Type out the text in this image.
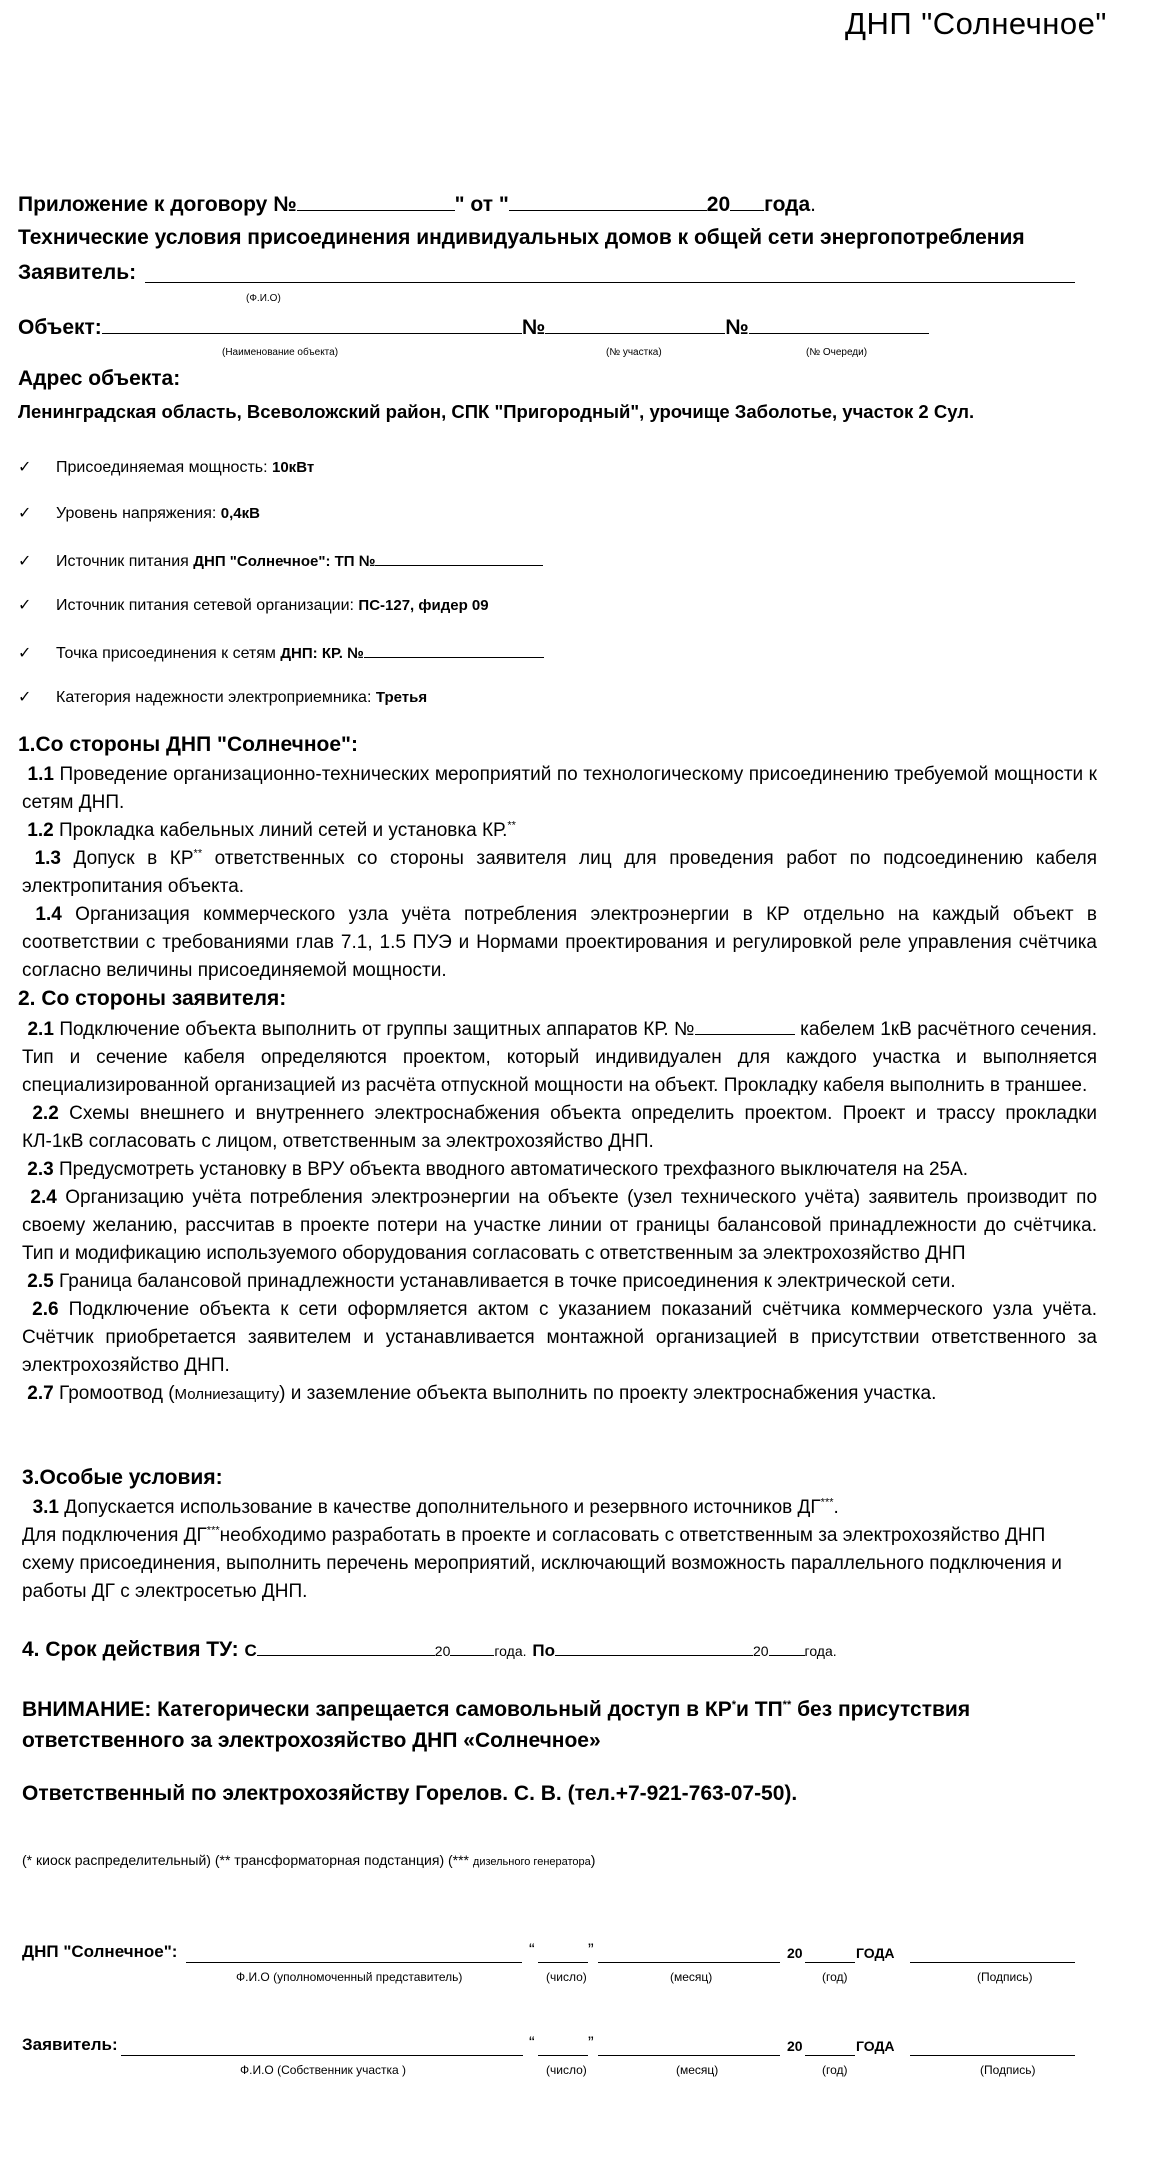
ДНП "Солнечное"
Приложение к договору №	" от "	20 года.
Технические условия присоединения индивидуальных домов к общей сети энергопотребления
Заявитель:
(Ф.И.О)
Объект:	№	№
(Наименование объекта)	(№ участка)	(№ Очереди)
Адрес объекта:
Ленинградская область, Всеволожский район, СПК "Пригородный", урочище Заболотье, участок 2 Сул.
✓ Присоединяемая мощность: 10кВт
✓ Уровень напряжения: 0,4кВ
✓ Источник питания ДНП "Солнечное": ТП №
✓ Источник питания сетевой организации: ПС-127, фидер 09
✓ Точка присоединения к сетям ДНП: КР. №
✓ Категория надежности электроприемника: Третья
1.Со стороны ДНП "Солнечное":
1.1 Проведение организационно-технических мероприятий по технологическому присоединению требуемой мощности к сетям ДНП.
1.2 Прокладка кабельных линий сетей и установка КР.**
1.3 Допуск в КР** ответственных со стороны заявителя лиц для проведения работ по подсоединению кабеля электропитания объекта.
1.4 Организация коммерческого узла учёта потребления электроэнергии в КР отдельно на каждый объект в соответствии с требованиями глав 7.1, 1.5 ПУЭ и Нормами проектирования и регулировкой реле управления счётчика согласно величины присоединяемой мощности.
2. Со стороны заявителя:
2.1 Подключение объекта выполнить от группы защитных аппаратов КР. №	кабелем 1кВ расчётного сечения. Тип и сечение кабеля определяются проектом, который индивидуален для каждого участка и выполняется специализированной организацией из расчёта отпускной мощности на объект. Прокладку кабеля выполнить в траншее.
2.2 Схемы внешнего и внутреннего электроснабжения объекта определить проектом. Проект и трассу прокладки КЛ-1кВ согласовать с лицом, ответственным за электрохозяйство ДНП.
2.3 Предусмотреть установку в ВРУ объекта вводного автоматического трехфазного выключателя на 25А.
2.4 Организацию учёта потребления электроэнергии на объекте (узел технического учёта) заявитель производит по своему желанию, рассчитав в проекте потери на участке линии от границы балансовой принадлежности до счётчика. Тип и модификацию используемого оборудования согласовать с ответственным за электрохозяйство ДНП
2.5 Граница балансовой принадлежности устанавливается в точке присоединения к электрической сети.
2.6 Подключение объекта к сети оформляется актом с указанием показаний счётчика коммерческого узла учёта. Счётчик приобретается заявителем и устанавливается монтажной организацией в присутствии ответственного за электрохозяйство ДНП.
2.7 Громоотвод (Молниезащиту) и заземление объекта выполнить по проекту электроснабжения участка.
3.Особые условия:
3.1 Допускается использование в качестве дополнительного и резервного источников ДГ***.
Для подключения ДГ***необходимо разработать в проекте и согласовать с ответственным за электрохозяйство ДНП схему присоединения, выполнить перечень мероприятий, исключающий возможность параллельного подключения и работы ДГ с электросетью ДНП.
4. Срок действия ТУ: С	20	года. По	20	года.
ВНИМАНИЕ: Категорически запрещается самовольный доступ в КР*и ТП** без присутствия
ответственного за электрохозяйство ДНП «Солнечное»
Ответственный по электрохозяйству Горелов. С. В. (тел.+7-921-763-07-50).
(* киоск распределительный) (** трансформаторная подстанция) (*** дизельного генератора)
ДНП "Солнечное":	“	”	20	ГОДА
Ф.И.О (уполномоченный представитель)	(число)	(месяц)	(год)	(Подпись)
Заявитель:	“	”	20	ГОДА
Ф.И.О (Собственник участка )	(число)	(месяц)	(год)	(Подпись)
